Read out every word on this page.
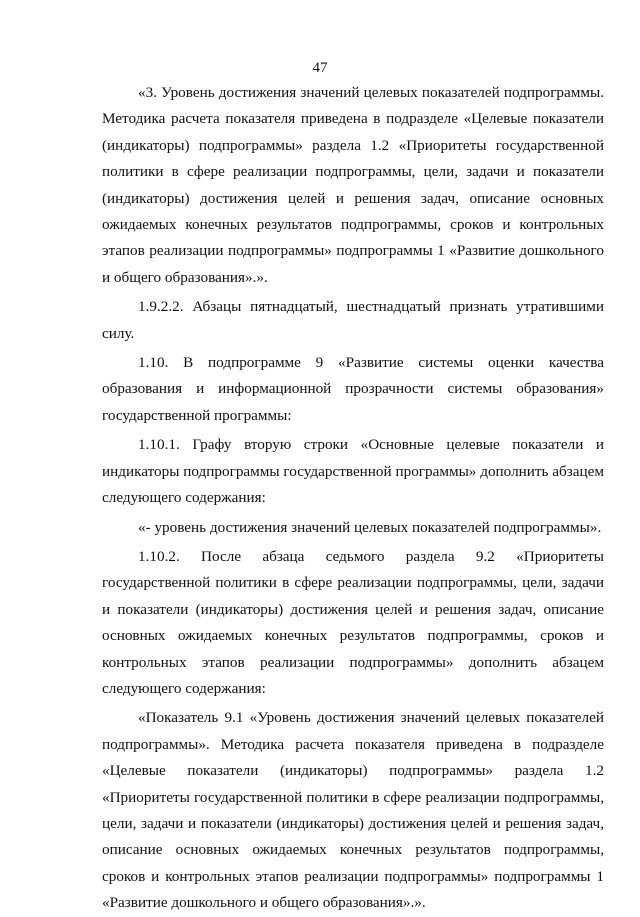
47

«3. Уровень достижения значений целевых показателей подпрограммы. Методика расчета показателя приведена в подразделе «Целевые показатели (индикаторы) подпрограммы» раздела 1.2 «Приоритеты государственной политики в сфере реализации подпрограммы, цели, задачи и показатели (индикаторы) достижения целей и решения задач, описание основных ожидаемых конечных результатов подпрограммы, сроков и контрольных этапов реализации подпрограммы» подпрограммы 1 «Развитие дошкольного и общего образования».».

1.9.2.2. Абзацы пятнадцатый, шестнадцатый признать утратившими силу.

1.10. В подпрограмме 9 «Развитие системы оценки качества образования и информационной прозрачности системы образования» государственной программы:

1.10.1. Графу вторую строки «Основные целевые показатели и индикаторы подпрограммы государственной программы» дополнить абзацем следующего содержания:

«- уровень достижения значений целевых показателей подпрограммы».

1.10.2. После абзаца седьмого раздела 9.2 «Приоритеты государственной политики в сфере реализации подпрограммы, цели, задачи и показатели (индикаторы) достижения целей и решения задач, описание основных ожидаемых конечных результатов подпрограммы, сроков и контрольных этапов реализации подпрограммы» дополнить абзацем следующего содержания:

«Показатель 9.1 «Уровень достижения значений целевых показателей подпрограммы». Методика расчета показателя приведена в подразделе «Целевые показатели (индикаторы) подпрограммы» раздела 1.2 «Приоритеты государственной политики в сфере реализации подпрограммы, цели, задачи и показатели (индикаторы) достижения целей и решения задач, описание основных ожидаемых конечных результатов подпрограммы, сроков и контрольных этапов реализации подпрограммы» подпрограммы 1 «Развитие дошкольного и общего образования».».
